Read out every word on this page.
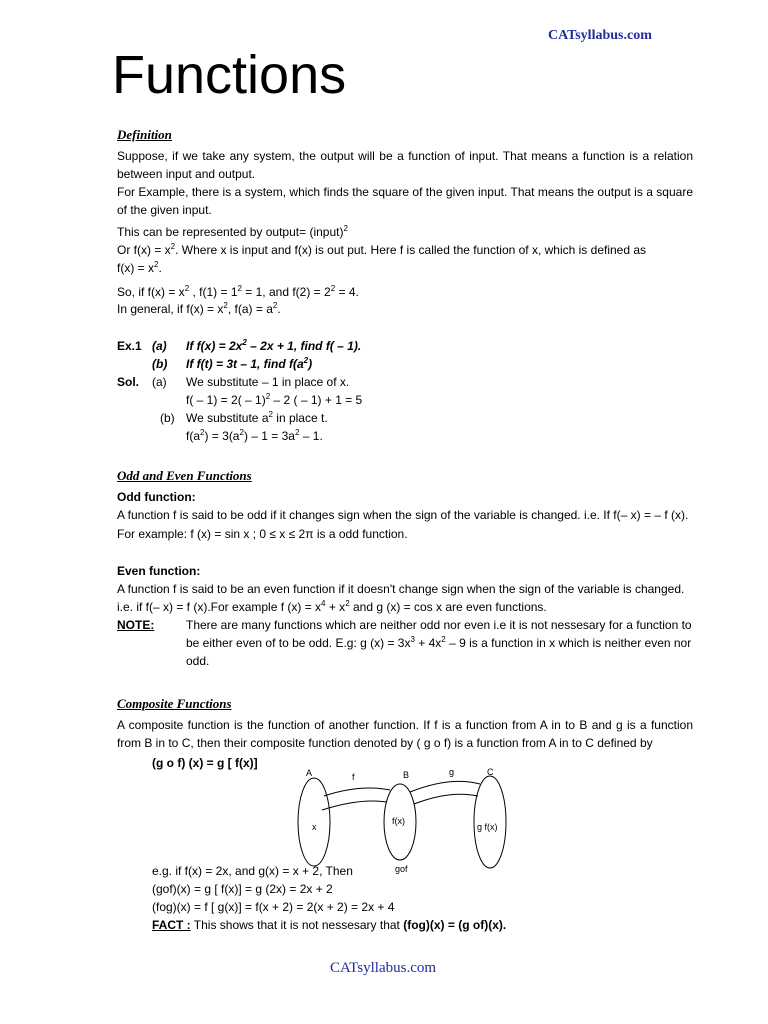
CATsyllabus.com
Functions
Definition
Suppose, if we take any system, the output will be a function of input. That means a function is a relation between input and output.
For Example, there is a system, which finds the square of the given input. That means the output is a square of the given input.
This can be represented by output= (input)$^2$
Or $f(x) = x^2$. Where x is input and f(x) is out put. Here f is called the function of x, which is defined as
$f(x) = x^2$.
So, if $f(x) = x^2$ , $f(1) = 1^2 = 1$, and $f(2) = 2^2 = 4$.
In general, if $f(x) = x^2$, $f(a) = a^2$.
Ex.1 (a) If $f(x) = 2x^2 - 2x + 1$, find f( – 1).
(b) If f(t) = 3t – 1, find $f(a^2)$
Sol. (a) We substitute – 1 in place of x.
f( – 1) = 2( – 1)$^2$ – 2 ( – 1) + 1 = 5
(b) We substitute $a^2$ in place t.
$f(a^2) = 3(a^2) - 1 = 3a^2 - 1$.
Odd and Even Functions
Odd function:
A function f is said to be odd if it changes sign when the sign of the variable is changed. i.e. If f(– x) = – f (x).
For example: f (x) = sin x ; 0 ≤ x ≤ 2π is a odd function.
Even function:
A function f is said to be an even function if it doesn't change sign when the sign of the variable is changed.
i.e. if f(– x) = f (x).For example f $(x) = x^4 + x^2$ and g (x) = cos x are even functions.
NOTE:	There are many functions which are neither odd nor even i.e it is not nessesary for a function to
be either even of to be odd. E.g: g $(x) = 3x^3 + 4x^2 - 9$ is a function in x which is neither even nor
odd.
Composite Functions
A composite function is the function of another function. If f is a function from A in to B and g is a function from B in to C, then their composite function denoted by ( g o f) is a function from A in to C defined by
(g o f) (x) = g [ f(x)]
A	B	C
f	g
x
f(x)
g f(x)
gof
e.g. if f(x) = 2x, and g(x) = x + 2, Then
(gof)(x) = g [ f(x)] = g (2x) = 2x + 2
(fog)(x) = f [ g(x)] = f(x + 2) = 2(x + 2) = 2x + 4
FACT : This shows that it is not nessesary that (fog)(x) = (g of)(x).
CATsyllabus.com
